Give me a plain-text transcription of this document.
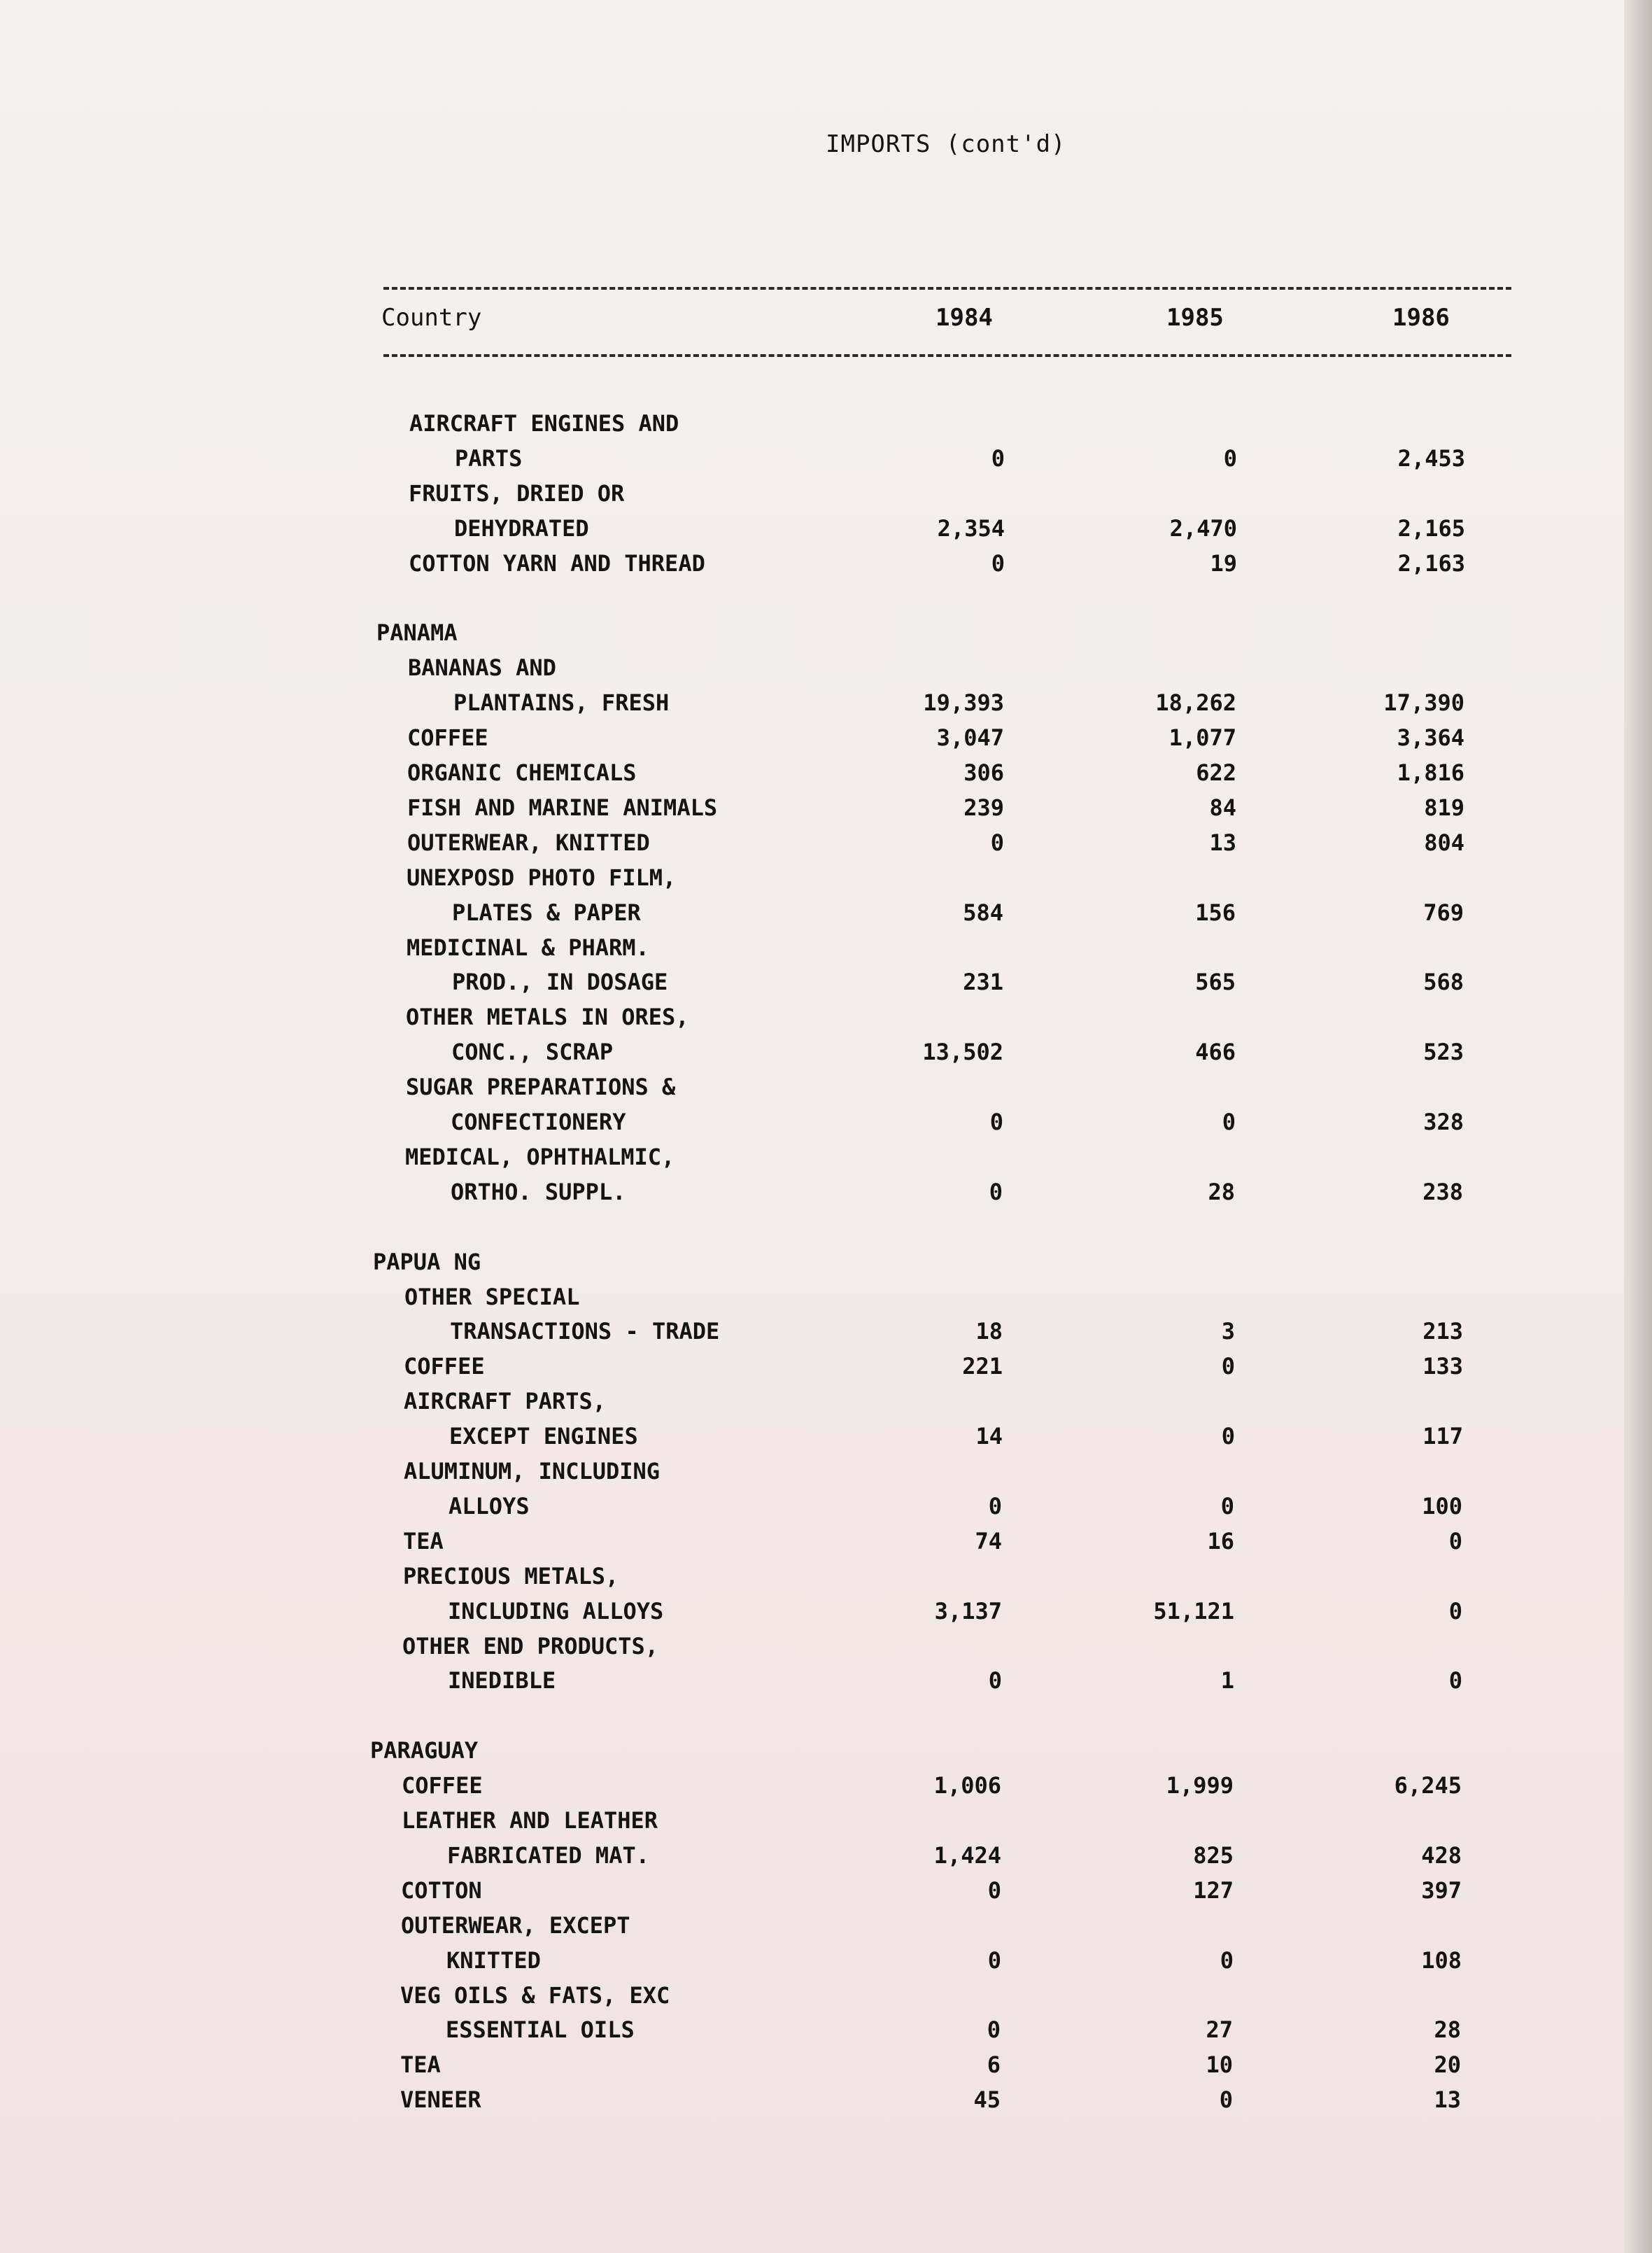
IMPORTS (cont'd)
Country	1984	1985	1986
AIRCRAFT ENGINES AND
PARTS	0	0	2,453
FRUITS, DRIED OR
DEHYDRATED	2,354	2,470	2,165
COTTON YARN AND THREAD	0	19	2,163
PANAMA
BANANAS AND
PLANTAINS, FRESH	19,393	18,262	17,390
COFFEE	3,047	1,077	3,364
ORGANIC CHEMICALS	306	622	1,816
FISH AND MARINE ANIMALS	239	84	819
OUTERWEAR, KNITTED	0	13	804
UNEXPOSD PHOTO FILM,
PLATES & PAPER	584	156	769
MEDICINAL & PHARM.
PROD., IN DOSAGE	231	565	568
OTHER METALS IN ORES,
CONC., SCRAP	13,502	466	523
SUGAR PREPARATIONS &
CONFECTIONERY	0	0	328
MEDICAL, OPHTHALMIC,
ORTHO. SUPPL.	0	28	238
PAPUA NG
OTHER SPECIAL
TRANSACTIONS - TRADE	18	3	213
COFFEE	221	0	133
AIRCRAFT PARTS,
EXCEPT ENGINES	14	0	117
ALUMINUM, INCLUDING
ALLOYS	0	0	100
TEA	74	16	0
PRECIOUS METALS,
INCLUDING ALLOYS	3,137	51,121	0
OTHER END PRODUCTS,
INEDIBLE	0	1	0
PARAGUAY
COFFEE	1,006	1,999	6,245
LEATHER AND LEATHER
FABRICATED MAT.	1,424	825	428
COTTON	0	127	397
OUTERWEAR, EXCEPT
KNITTED	0	0	108
VEG OILS & FATS, EXC
ESSENTIAL OILS	0	27	28
TEA	6	10	20
VENEER	45	0	13
